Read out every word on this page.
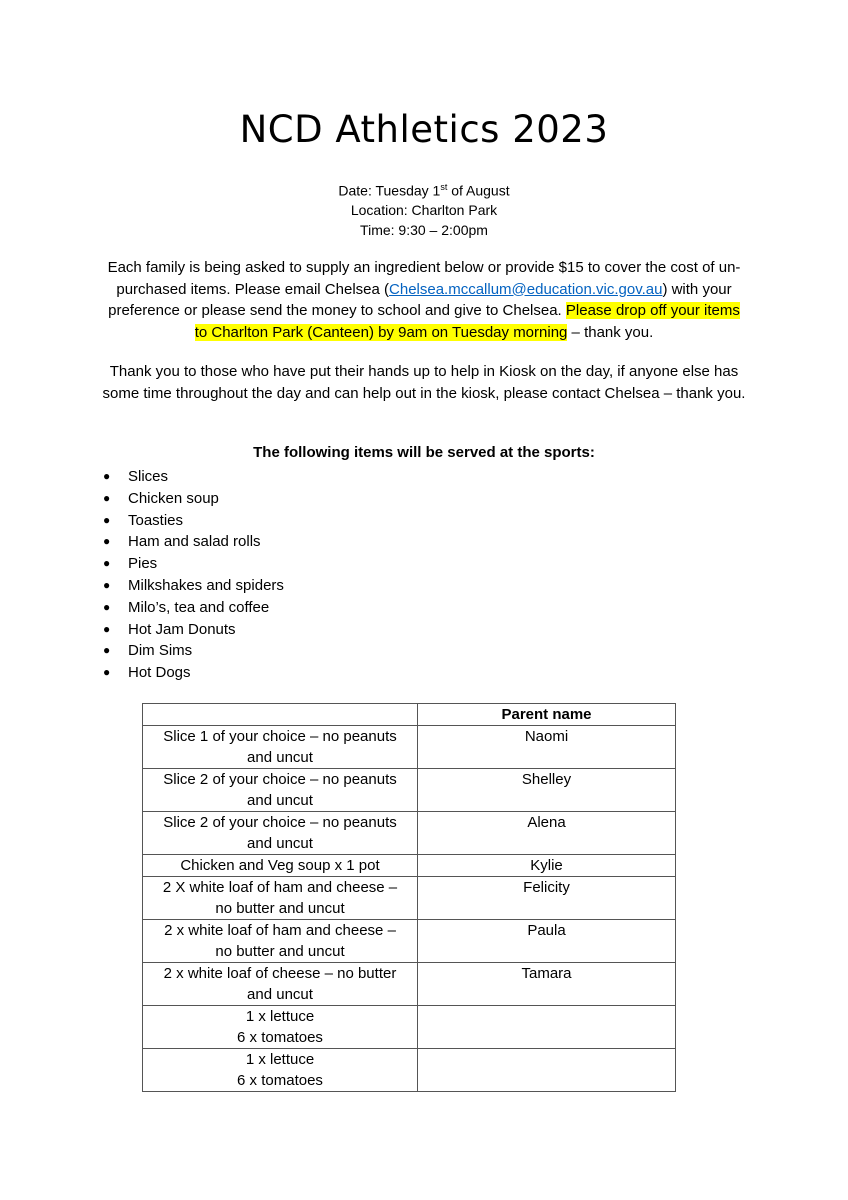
NCD Athletics 2023
Date: Tuesday 1st of August
Location: Charlton Park
Time: 9:30 – 2:00pm
Each family is being asked to supply an ingredient below or provide $15 to cover the cost of un-purchased items. Please email Chelsea (Chelsea.mccallum@education.vic.gov.au) with your preference or please send the money to school and give to Chelsea. Please drop off your items to Charlton Park (Canteen) by 9am on Tuesday morning – thank you.
Thank you to those who have put their hands up to help in Kiosk on the day, if anyone else has some time throughout the day and can help out in the kiosk, please contact Chelsea – thank you.
The following items will be served at the sports:
● Slices
● Chicken soup
● Toasties
● Ham and salad rolls
● Pies
● Milkshakes and spiders
● Milo’s, tea and coffee
● Hot Jam Donuts
● Dim Sims
● Hot Dogs
	Parent name

Slice 1 of your choice – no peanuts
and uncut	Naomi

Slice 2 of your choice – no peanuts
and uncut	Shelley

Slice 2 of your choice – no peanuts
and uncut	Alena

Chicken and Veg soup x 1 pot	Kylie

2 X white loaf of ham and cheese –
no butter and uncut	Felicity

2 x white loaf of ham and cheese –
no butter and uncut	Paula

2 x white loaf of cheese – no butter
and uncut	Tamara

1 x lettuce
6 x tomatoes	

1 x lettuce
6 x tomatoes	
